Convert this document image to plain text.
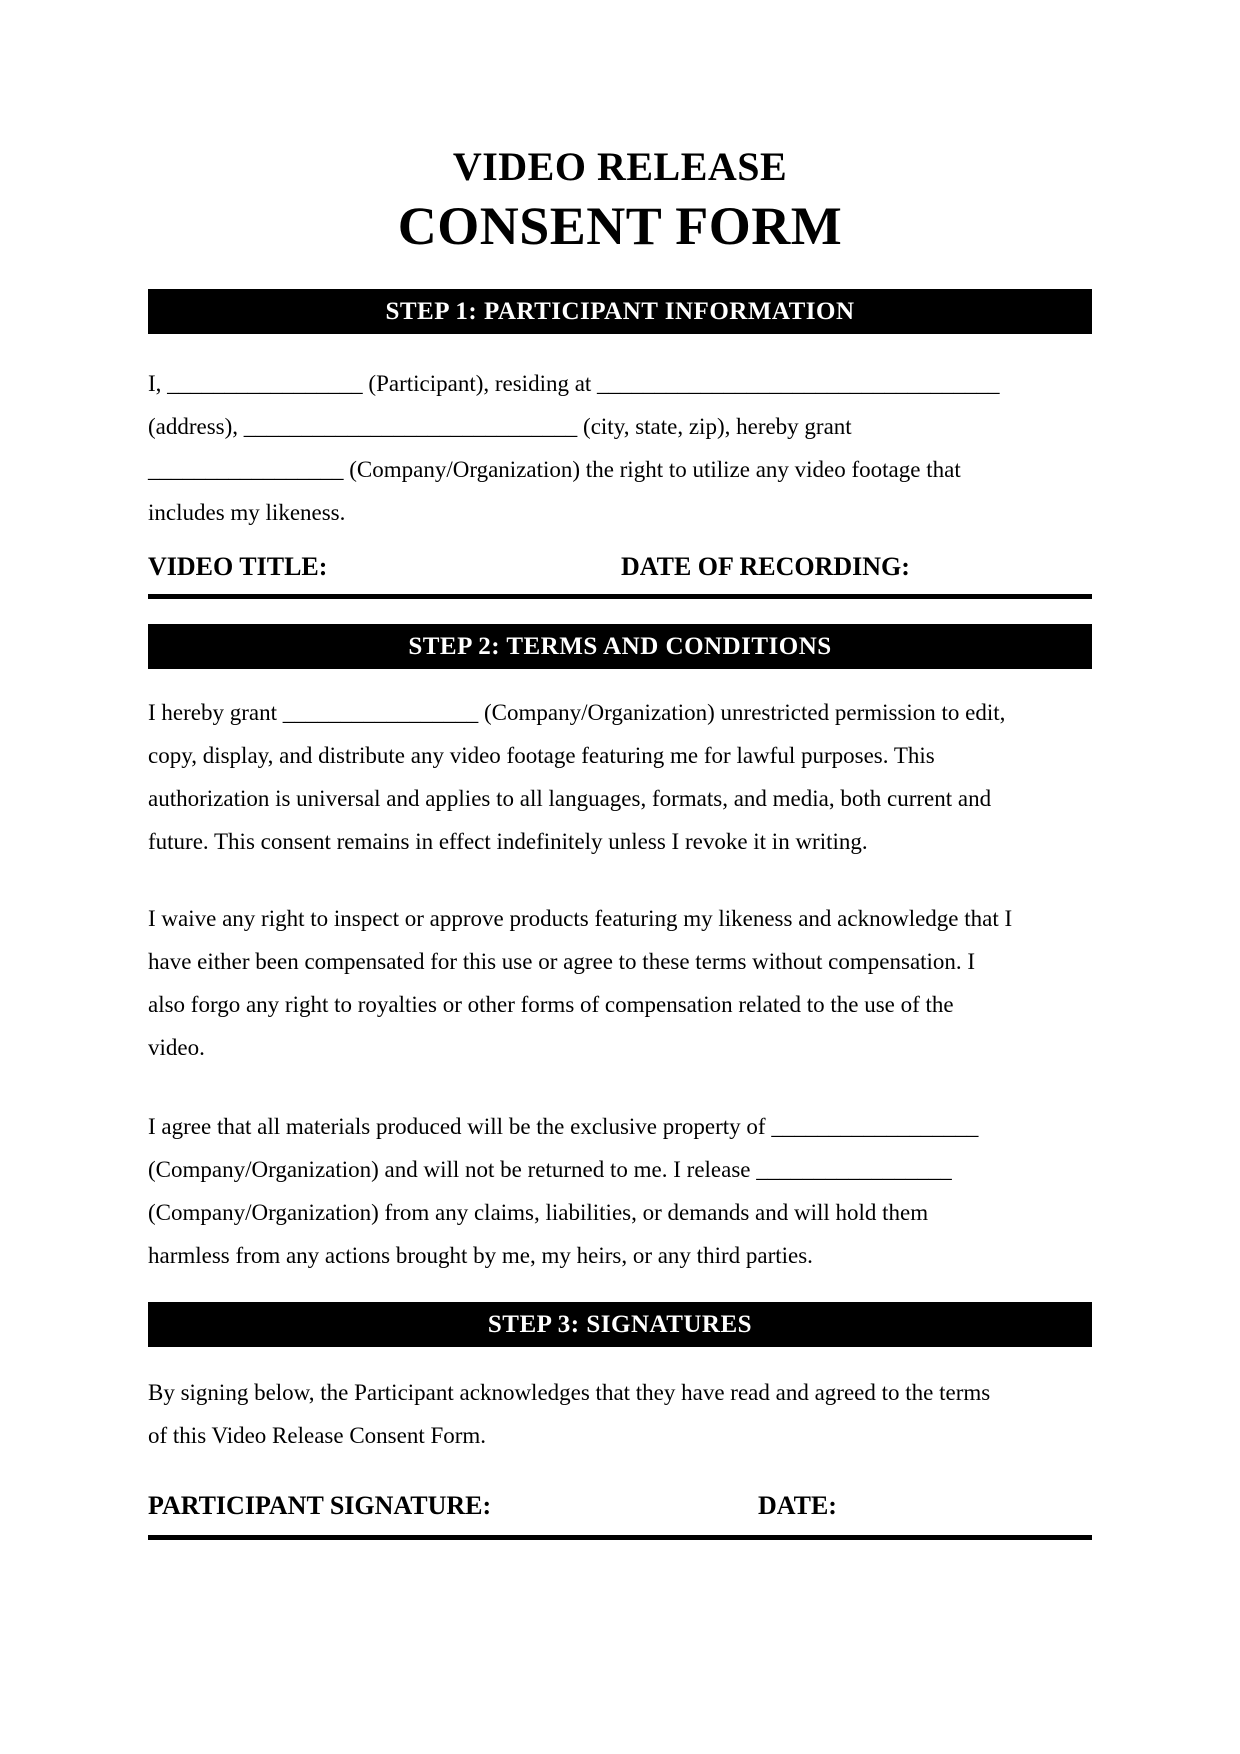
VIDEO RELEASE
CONSENT FORM
STEP 1: PARTICIPANT INFORMATION
I, _________________ (Participant), residing at ___________________________________
(address), _____________________________ (city, state, zip), hereby grant
_________________ (Company/Organization) the right to utilize any video footage that
includes my likeness.
VIDEO TITLE:	DATE OF RECORDING:
STEP 2: TERMS AND CONDITIONS
I hereby grant _________________ (Company/Organization) unrestricted permission to edit,
copy, display, and distribute any video footage featuring me for lawful purposes. This
authorization is universal and applies to all languages, formats, and media, both current and
future. This consent remains in effect indefinitely unless I revoke it in writing.
I waive any right to inspect or approve products featuring my likeness and acknowledge that I
have either been compensated for this use or agree to these terms without compensation. I
also forgo any right to royalties or other forms of compensation related to the use of the
video.
I agree that all materials produced will be the exclusive property of __________________
(Company/Organization) and will not be returned to me. I release _________________
(Company/Organization) from any claims, liabilities, or demands and will hold them
harmless from any actions brought by me, my heirs, or any third parties.
STEP 3: SIGNATURES
By signing below, the Participant acknowledges that they have read and agreed to the terms
of this Video Release Consent Form.
PARTICIPANT SIGNATURE:	DATE:
